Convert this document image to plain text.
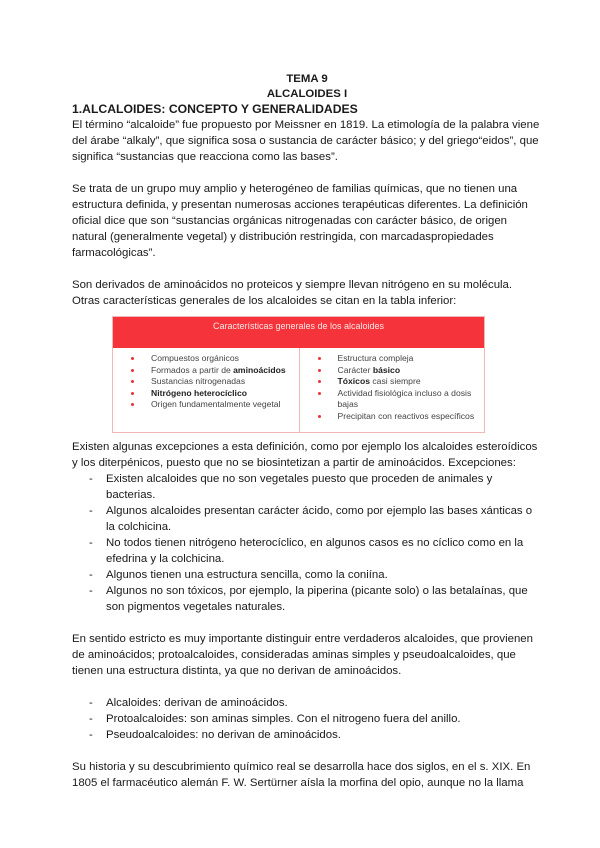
TEMA 9
ALCALOIDES I
1.ALCALOIDES: CONCEPTO Y GENERALIDADES

El término “alcaloide” fue propuesto por Meissner en 1819. La etimología de la palabra viene del árabe “alkaly”, que significa sosa o sustancia de carácter básico; y del griego“eidos”, que significa “sustancias que reacciona como las bases”.

Se trata de un grupo muy amplio y heterogéneo de familias químicas, que no tienen una estructura definida, y presentan numerosas acciones terapéuticas diferentes. La definición oficial dice que son “sustancias orgánicas nitrogenadas con carácter básico, de origen natural (generalmente vegetal) y distribución restringida, con marcadaspropiedades farmacológicas”.

Son derivados de aminoácidos no proteicos y siempre llevan nitrógeno en su molécula.

Otras características generales de los alcaloides se citan en la tabla inferior:

Características generales de los alcaloides
Compuestos orgánicos
Formados a partir de aminoácidos
Sustancias nitrogenadas
Nitrógeno heterocíclico
Origen fundamentalmente vegetal
Estructura compleja
Carácter básico
Tóxicos casi siempre
Actividad fisiológica incluso a dosis bajas
Precipitan con reactivos específicos

Existen algunas excepciones a esta definición, como por ejemplo los alcaloides esteroídicos y los diterpénicos, puesto que no se biosintetizan a partir de aminoácidos. Excepciones:

- Existen alcaloides que no son vegetales puesto que proceden de animales y bacterias.
- Algunos alcaloides presentan carácter ácido, como por ejemplo las bases xánticas o la colchicina.
- No todos tienen nitrógeno heterocíclico, en algunos casos es no cíclico como en la efedrina y la colchicina.
- Algunos tienen una estructura sencilla, como la coniína.
- Algunos no son tóxicos, por ejemplo, la piperina (picante solo) o las betalaínas, que son pigmentos vegetales naturales.

En sentido estricto es muy importante distinguir entre verdaderos alcaloides, que provienen de aminoácidos; protoalcaloides, consideradas aminas simples y pseudoalcaloides, que tienen una estructura distinta, ya que no derivan de aminoácidos.

- Alcaloides: derivan de aminoácidos.
- Protoalcaloides: son aminas simples. Con el nitrogeno fuera del anillo.
- Pseudoalcaloides: no derivan de aminoácidos.

Su historia y su descubrimiento químico real se desarrolla hace dos siglos, en el s. XIX. En 1805 el farmacéutico alemán F. W. Sertürner aísla la morfina del opio, aunque no la llama
